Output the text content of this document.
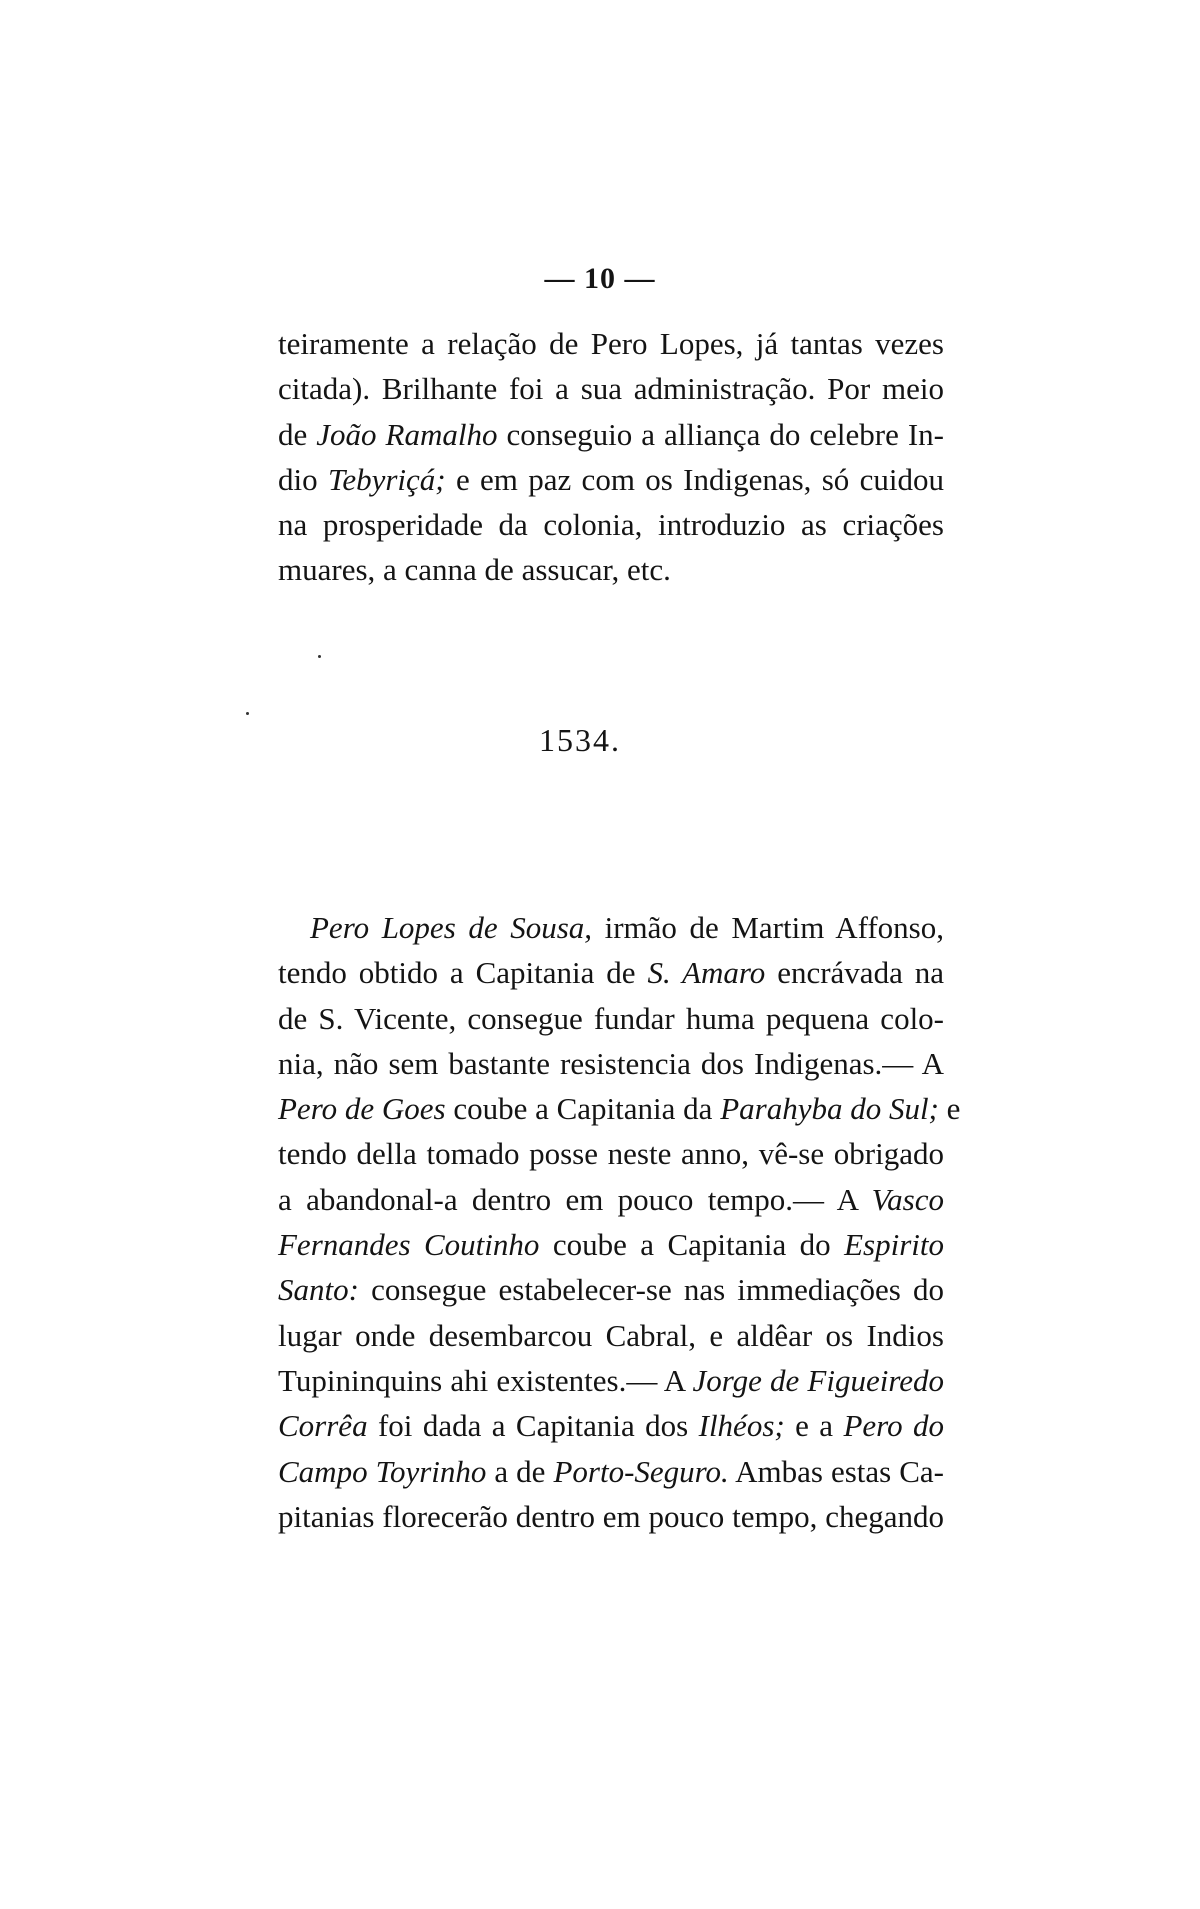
— 10 —
teiramente a relação de Pero Lopes, já tantas vezes
citada). Brilhante foi a sua administração. Por meio
de João Ramalho conseguio a alliança do celebre In-
dio Tebyriçá; e em paz com os Indigenas, só cuidou
na prosperidade da colonia, introduzio as criações
muares, a canna de assucar, etc.
1534.
Pero Lopes de Sousa, irmão de Martim Affonso,
tendo obtido a Capitania de S. Amaro encrávada na
de S. Vicente, consegue fundar huma pequena colo-
nia, não sem bastante resistencia dos Indigenas.— A
Pero de Goes coube a Capitania da Parahyba do Sul; e
tendo della tomado posse neste anno, vê-se obrigado
a abandonal-a dentro em pouco tempo.— A Vasco
Fernandes Coutinho coube a Capitania do Espirito
Santo: consegue estabelecer-se nas immediações do
lugar onde desembarcou Cabral, e aldêar os Indios
Tupininquins ahi existentes.— A Jorge de Figueiredo
Corrêa foi dada a Capitania dos Ilhéos; e a Pero do
Campo Toyrinho a de Porto-Seguro. Ambas estas Ca-
pitanias florecerão dentro em pouco tempo, chegando
